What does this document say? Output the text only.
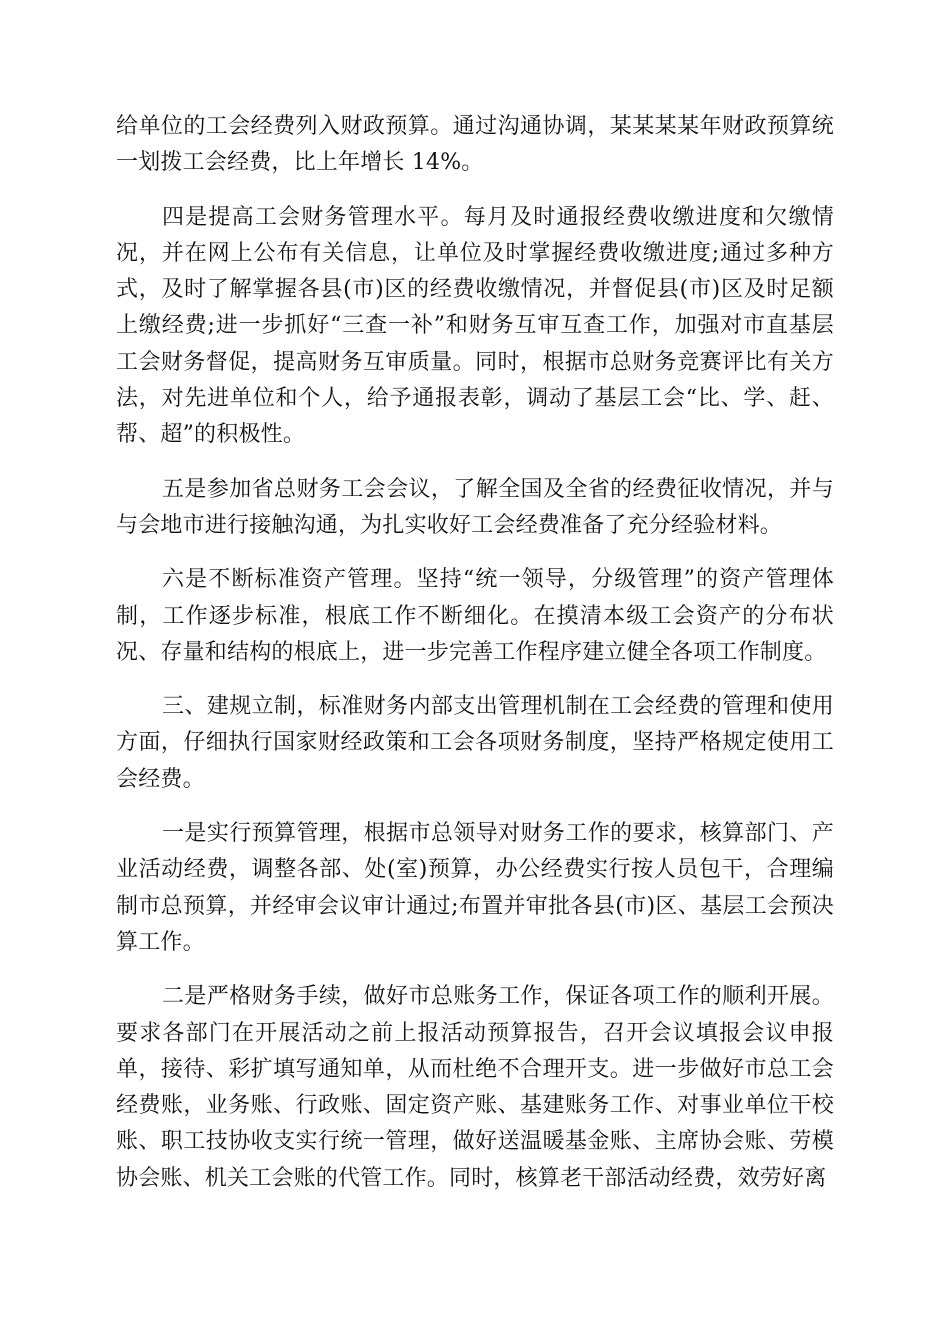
给单位的工会经费列入财政预算。通过沟通协调，某某某某年财政预算统一划拨工会经费，比上年增长 14%。

四是提高工会财务管理水平。每月及时通报经费收缴进度和欠缴情况，并在网上公布有关信息，让单位及时掌握经费收缴进度;通过多种方式，及时了解掌握各县(市)区的经费收缴情况，并督促县(市)区及时足额上缴经费;进一步抓好“三查一补”和财务互审互查工作，加强对市直基层工会财务督促，提高财务互审质量。同时，根据市总财务竞赛评比有关方法，对先进单位和个人，给予通报表彰，调动了基层工会“比、学、赶、帮、超”的积极性。

五是参加省总财务工会会议，了解全国及全省的经费征收情况，并与与会地市进行接触沟通，为扎实收好工会经费准备了充分经验材料。

六是不断标准资产管理。坚持“统一领导，分级管理”的资产管理体制，工作逐步标准，根底工作不断细化。在摸清本级工会资产的分布状况、存量和结构的根底上，进一步完善工作程序建立健全各项工作制度。

三、建规立制，标准财务内部支出管理机制在工会经费的管理和使用方面，仔细执行国家财经政策和工会各项财务制度，坚持严格规定使用工会经费。

一是实行预算管理，根据市总领导对财务工作的要求，核算部门、产业活动经费，调整各部、处(室)预算，办公经费实行按人员包干，合理编制市总预算，并经审会议审计通过;布置并审批各县(市)区、基层工会预决算工作。

二是严格财务手续，做好市总账务工作，保证各项工作的顺利开展。要求各部门在开展活动之前上报活动预算报告，召开会议填报会议申报单，接待、彩扩填写通知单，从而杜绝不合理开支。进一步做好市总工会经费账，业务账、行政账、固定资产账、基建账务工作、对事业单位干校账、职工技协收支实行统一管理，做好送温暖基金账、主席协会账、劳模协会账、机关工会账的代管工作。同时，核算老干部活动经费，效劳好离
